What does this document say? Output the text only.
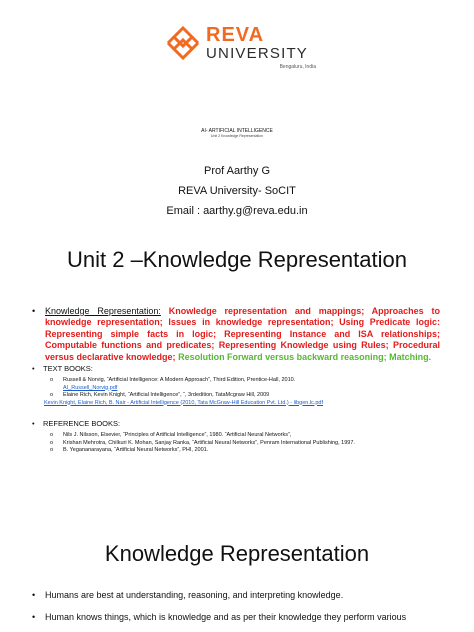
REVA
UNIVERSITY
Bengaluru, India
AI- ARTIFICIAL INTELLIGENCE
Unit 2 Knowledge Representation
Prof Aarthy G
REVA University- SoCIT
Email : aarthy.g@reva.edu.in
Unit 2 –Knowledge Representation
• Knowledge Representation: Knowledge representation and mappings; Approaches to knowledge representation; Issues in knowledge representation; Using Predicate logic: Representing simple facts in logic; Representing Instance and ISA relationships; Computable functions and predicates; Representing Knowledge using Rules; Procedural versus declarative knowledge; Resolution Forward versus backward reasoning; Matching.
• TEXT BOOKS:
o Russell & Norvig, “Artificial Intelligence: A Modern Approach”, Third Edition, Prentice-Hall, 2010.
AI_Russell_Norvig.pdf
o Elaine Rich, Kevin Knight, “Artificial Intelligence”, “, 3rdedition, TataMcgraw Hill, 2009
Kevin Knight, Elaine Rich, B. Nair - Artificial Intelligence (2010, Tata McGraw-Hill Education Pvt. Ltd.) - libgen.lc.pdf
• REFERENCE BOOKS:
o Nils J. Nilsson, Elsevier, “Principles of Artificial Intelligence”, 1980. “Artificial Neural Networks”,
o Krishan Mehrotra, Chilkuri K. Mohan, Sanjay Ranka, “Artificial Neural Networks”, Penram International Publishing, 1997.
o B. Yegananarayana, “Artificial Neural Networks”, PHI, 2001.
Knowledge Representation
• Humans are best at understanding, reasoning, and interpreting knowledge.
• Human knows things, which is knowledge and as per their knowledge they perform various
